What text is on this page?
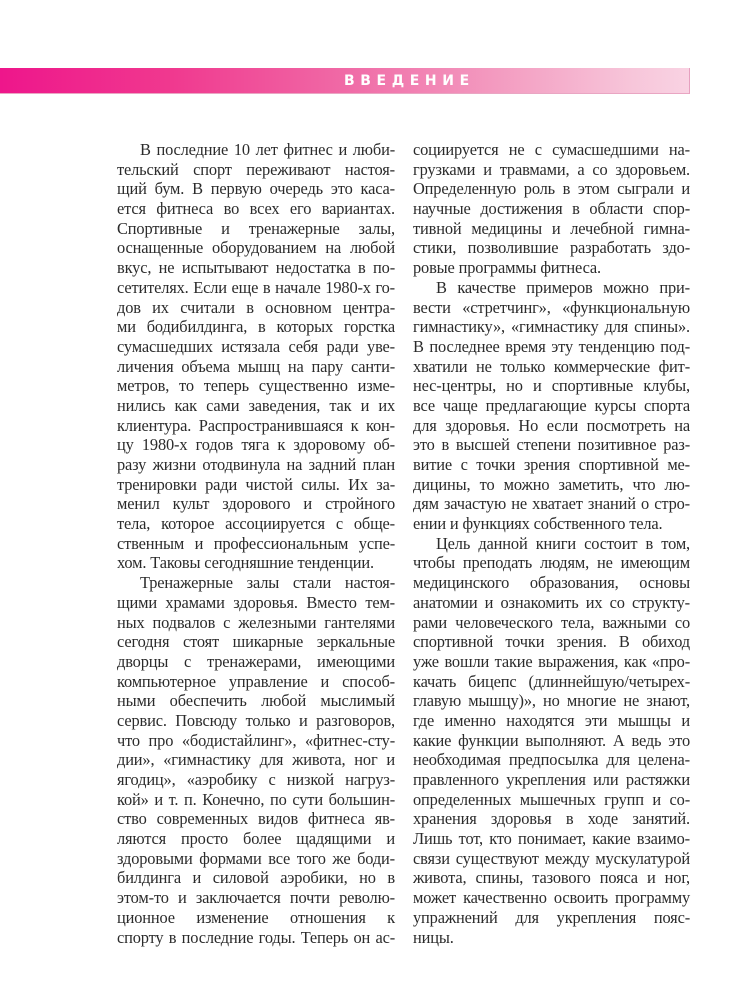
ВВЕДЕНИЕ
В последние 10 лет фитнес и люби-
тельский спорт переживают настоя-
щий бум. В первую очередь это каса-
ется фитнеса во всех его вариантах.
Спортивные и тренажерные залы,
оснащенные оборудованием на любой
вкус, не испытывают недостатка в по-
сетителях. Если еще в начале 1980-х го-
дов их считали в основном центра-
ми бодибилдинга, в которых горстка
сумасшедших истязала себя ради уве-
личения объема мышц на пару санти-
метров, то теперь существенно изме-
нились как сами заведения, так и их
клиентура. Распространившаяся к кон-
цу 1980-х годов тяга к здоровому об-
разу жизни отодвинула на задний план
тренировки ради чистой силы. Их за-
менил культ здорового и стройного
тела, которое ассоциируется с обще-
ственным и профессиональным успе-
хом. Таковы сегодняшние тенденции.
Тренажерные залы стали настоя-
щими храмами здоровья. Вместо тем-
ных подвалов с железными гантелями
сегодня стоят шикарные зеркальные
дворцы с тренажерами, имеющими
компьютерное управление и способ-
ными обеспечить любой мыслимый
сервис. Повсюду только и разговоров,
что про «бодистайлинг», «фитнес-сту-
дии», «гимнастику для живота, ног и
ягодиц», «аэробику с низкой нагруз-
кой» и т. п. Конечно, по сути большин-
ство современных видов фитнеса яв-
ляются просто более щадящими и
здоровыми формами все того же боди-
билдинга и силовой аэробики, но в
этом-то и заключается почти револю-
ционное изменение отношения к
спорту в последние годы. Теперь он ас-
социируется не с сумасшедшими на-
грузками и травмами, а со здоровьем.
Определенную роль в этом сыграли и
научные достижения в области спор-
тивной медицины и лечебной гимна-
стики, позволившие разработать здо-
ровые программы фитнеса.
В качестве примеров можно при-
вести «стретчинг», «функциональную
гимнастику», «гимнастику для спины».
В последнее время эту тенденцию под-
хватили не только коммерческие фит-
нес-центры, но и спортивные клубы,
все чаще предлагающие курсы спорта
для здоровья. Но если посмотреть на
это в высшей степени позитивное раз-
витие с точки зрения спортивной ме-
дицины, то можно заметить, что лю-
дям зачастую не хватает знаний о стро-
ении и функциях собственного тела.
Цель данной книги состоит в том,
чтобы преподать людям, не имеющим
медицинского образования, основы
анатомии и ознакомить их со структу-
рами человеческого тела, важными со
спортивной точки зрения. В обиход
уже вошли такие выражения, как «про-
качать бицепс (длиннейшую/четырех-
главую мышцу)», но многие не знают,
где именно находятся эти мышцы и
какие функции выполняют. А ведь это
необходимая предпосылка для целена-
правленного укрепления или растяжки
определенных мышечных групп и со-
хранения здоровья в ходе занятий.
Лишь тот, кто понимает, какие взаимо-
связи существуют между мускулатурой
живота, спины, тазового пояса и ног,
может качественно освоить программу
упражнений для укрепления пояс-
ницы.
